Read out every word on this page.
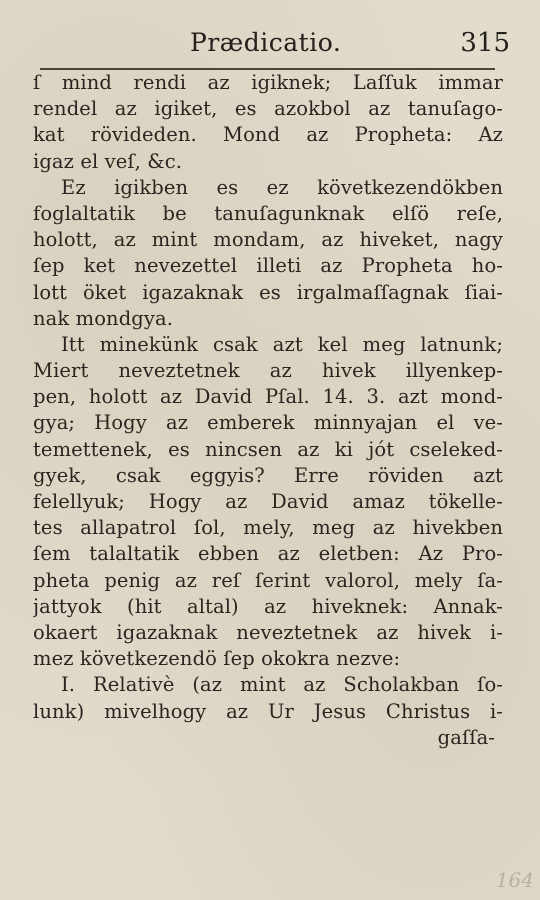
Prædicatio.	315
ſ mind rendi az igiknek; Laſſuk immar
rendel az igiket, es azokbol az tanuſago-
kat rövideden. Mond az Propheta: Az
igaz el veſ, &c.
Ez igikben es ez következendökben
foglaltatik be tanuſagunknak elſö reſe,
holott, az mint mondam, az hiveket, nagy
ſep ket nevezettel illeti az Propheta ho-
lott öket igazaknak es irgalmaſſagnak ſiai-
nak mondgya.
Itt minekünk csak azt kel meg latnunk;
Miert neveztetnek az hivek illyenkep-
pen, holott az David Pſal. 14. 3. azt mond-
gya; Hogy az emberek minnyajan el ve-
temettenek, es nincsen az ki jót cseleked-
gyek, csak eggyis? Erre röviden azt
felellyuk; Hogy az David amaz tökelle-
tes allapatrol ſol, mely, meg az hivekben
ſem talaltatik ebben az eletben: Az Pro-
pheta penig az reſ ſerint valorol, mely ſa-
jattyok (hit altal) az hiveknek: Annak-
okaert igazaknak neveztetnek az hivek i-
mez következendö ſep okokra nezve:
I. Relativè (az mint az Scholakban ſo-
lunk) mivelhogy az Ur Jesus Christus i-
gaſſa-
164
